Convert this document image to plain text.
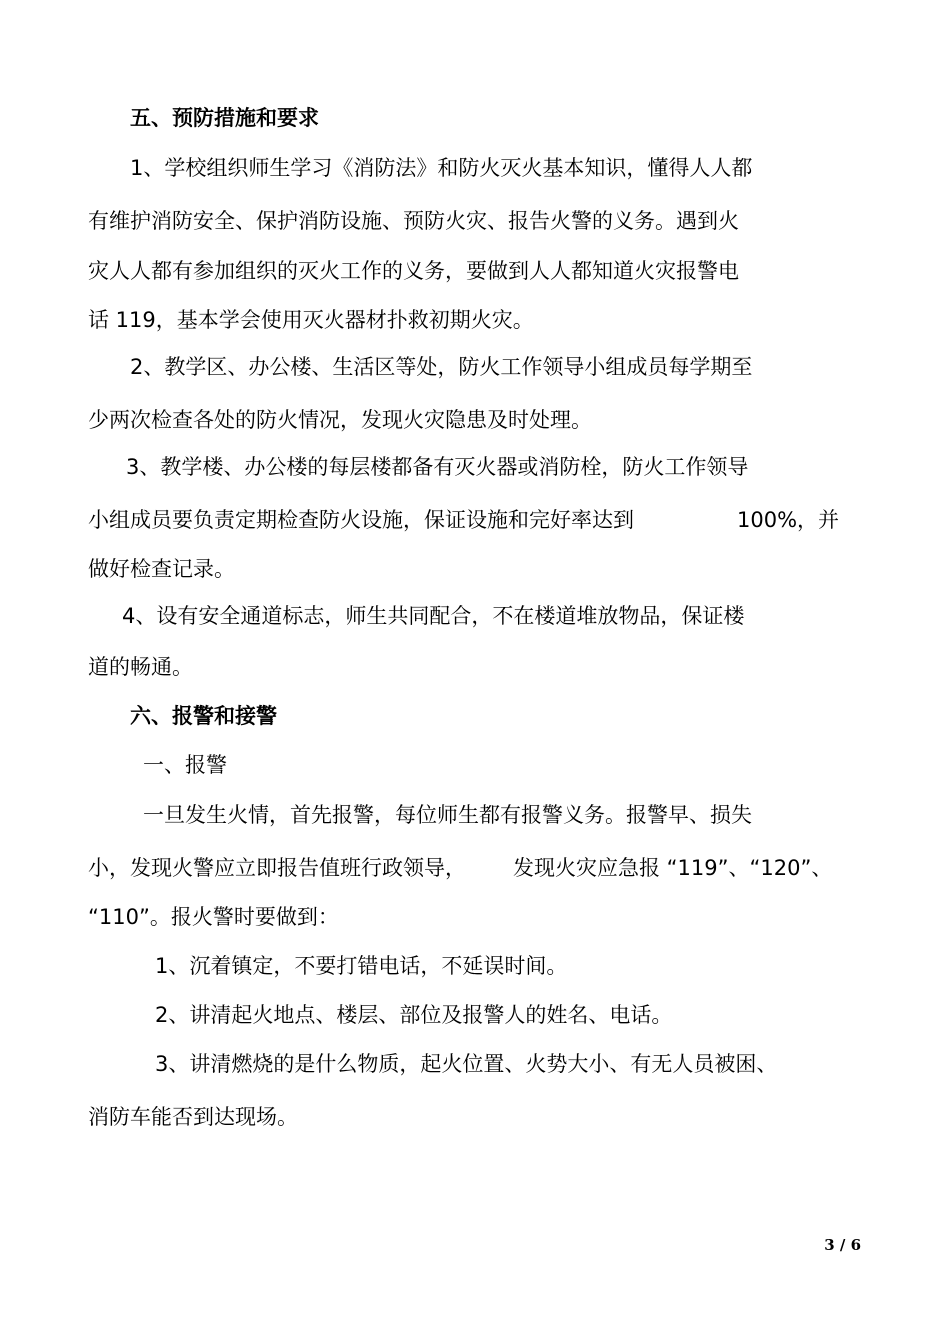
五、预防措施和要求
1、学校组织师生学习《消防法》和防火灭火基本知识，懂得人人都
有维护消防安全、保护消防设施、预防火灾、报告火警的义务。遇到火
灾人人都有参加组织的灭火工作的义务，要做到人人都知道火灾报警电
话 119，基本学会使用灭火器材扑救初期火灾。
2、教学区、办公楼、生活区等处，防火工作领导小组成员每学期至
少两次检查各处的防火情况，发现火灾隐患及时处理。
3、教学楼、办公楼的每层楼都备有灭火器或消防栓，防火工作领导
小组成员要负责定期检查防火设施，保证设施和完好率达到	100%，并
做好检查记录。
4、设有安全通道标志，师生共同配合，不在楼道堆放物品，保证楼
道的畅通。
六、报警和接警
一、报警
一旦发生火情，首先报警，每位师生都有报警义务。报警早、损失
小，发现火警应立即报告值班行政领导， 发现火灾应急报 “119”、“120”、
“110”。报火警时要做到：
1、沉着镇定，不要打错电话，不延误时间。
2、讲清起火地点、楼层、部位及报警人的姓名、电话。
3、讲清燃烧的是什么物质，起火位置、火势大小、有无人员被困、
消防车能否到达现场。
3 / 6
